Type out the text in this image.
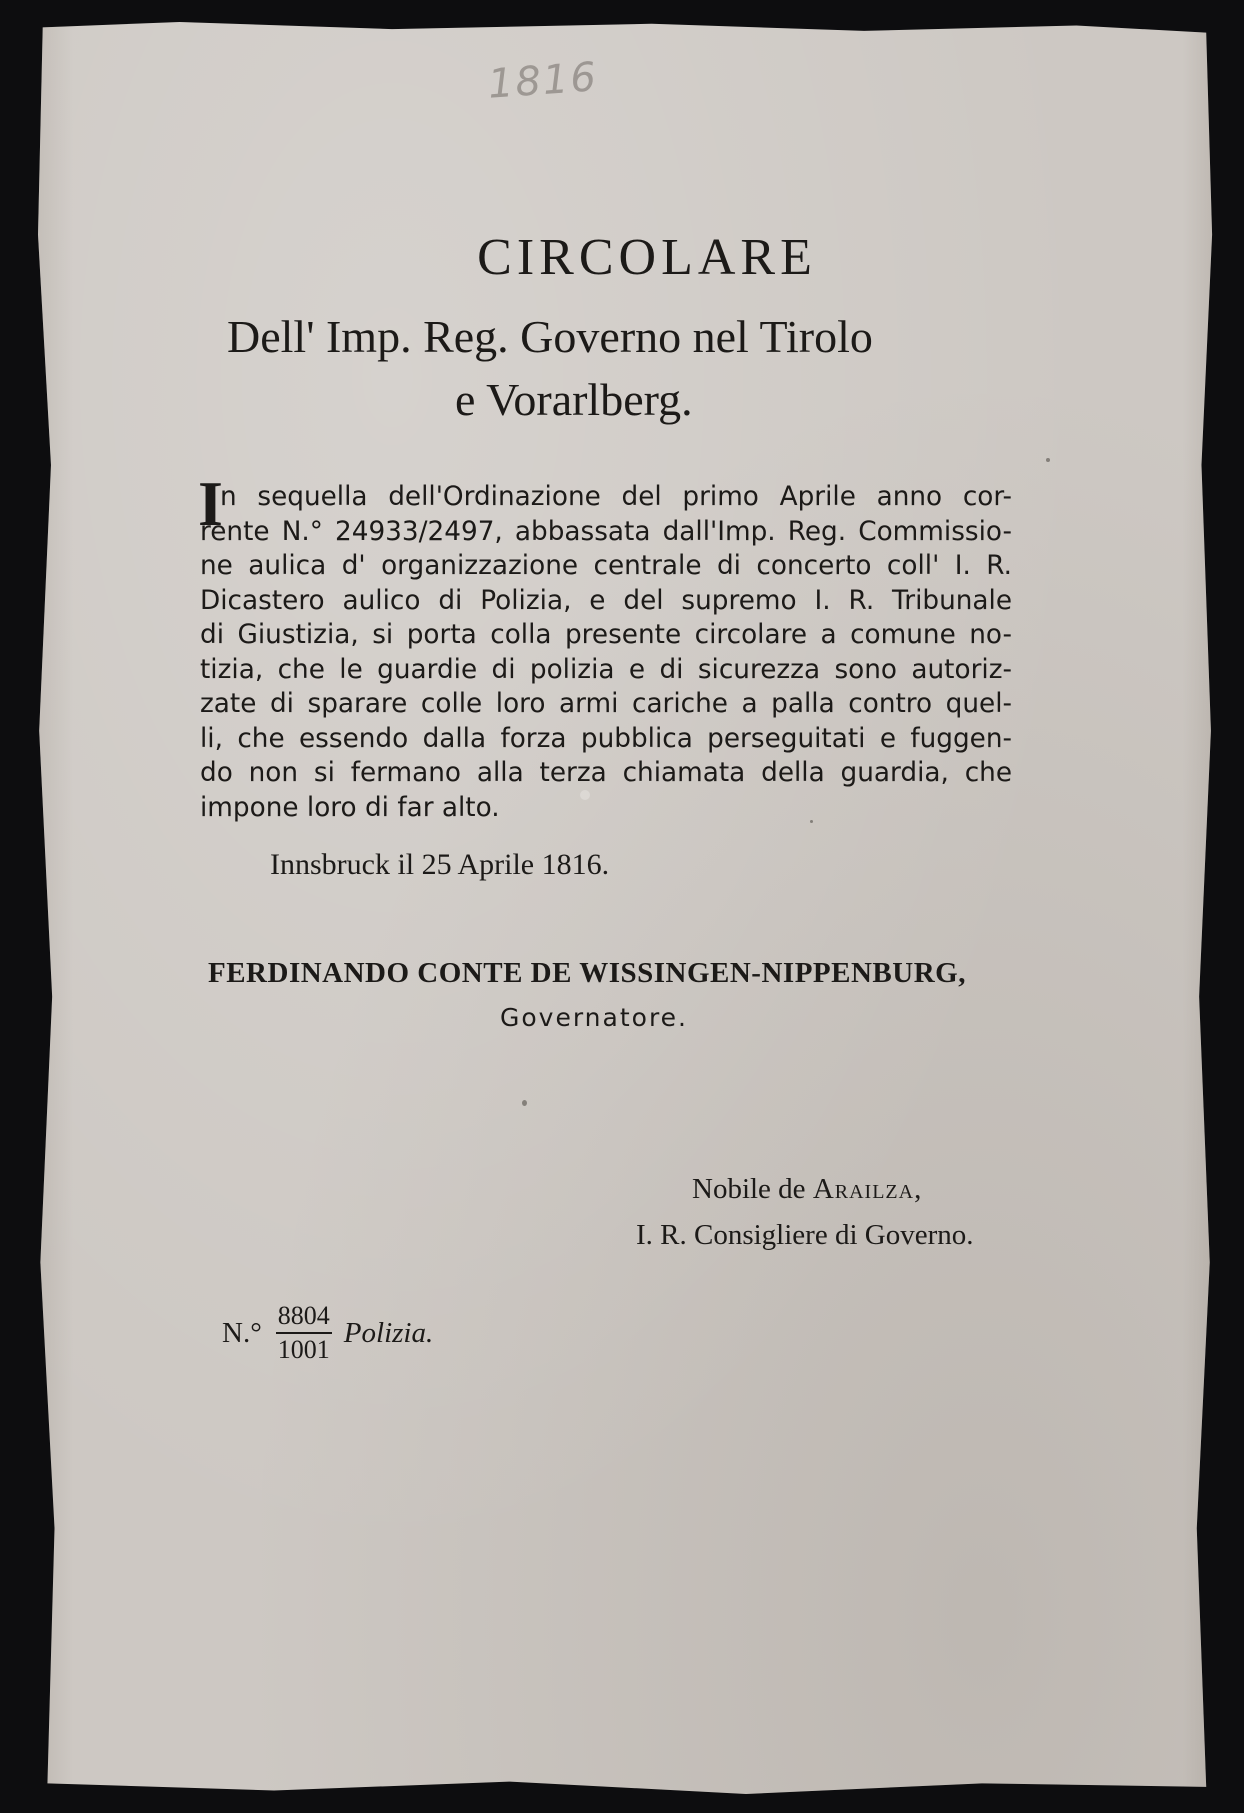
1816
CIRCOLARE
Dell' Imp. Reg. Governo nel Tirolo
e Vorarlberg.
I
n sequella dell'Ordinazione del primo Aprile anno cor-
rente N.° 24933/2497, abbassata dall'Imp. Reg. Commissio-
ne aulica d' organizzazione centrale di concerto coll' I. R.
Dicastero aulico di Polizia, e del supremo I. R. Tribunale
di Giustizia, si porta colla presente circolare a comune no-
tizia, che le guardie di polizia e di sicurezza sono autoriz-
zate di sparare colle loro armi cariche a palla contro quel-
li, che essendo dalla forza pubblica perseguitati e fuggen-
do non si fermano alla terza chiamata della guardia, che
impone loro di far alto.
Innsbruck il 25 Aprile 1816.
FERDINANDO CONTE DE WISSINGEN-NIPPENBURG,
Governatore.
Nobile de Arailza,
I. R. Consigliere di Governo.
$N.^\circ \frac{8804}{1001}$ Polizia.
